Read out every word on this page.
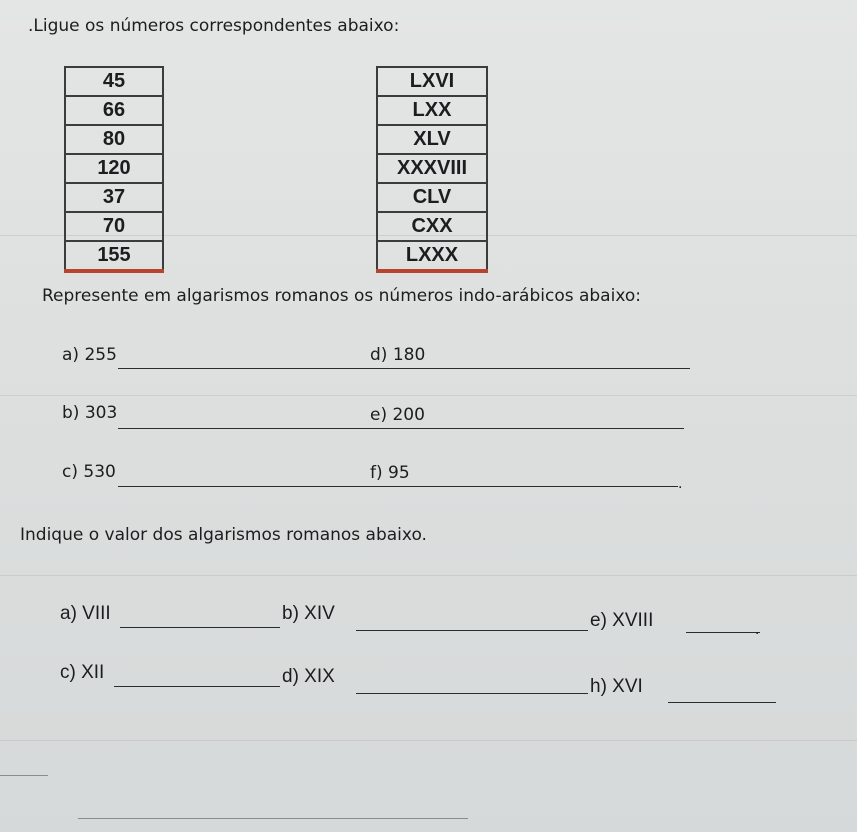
.Ligue os números correspondentes abaixo:
45		LXVI
66		LXX
80		XLV
120		XXXVIII
37		CLV
70		CXX
155		LXXX
Represente em algarismos romanos os números indo-arábicos abaixo:
a) 255	d) 180
b) 303	e) 200
c) 530	f) 95
.
Indique o valor dos algarismos romanos abaixo.
a) VIII	b) XIV	e) XVIII	.
c) XII	d) XIX	h) XVI
